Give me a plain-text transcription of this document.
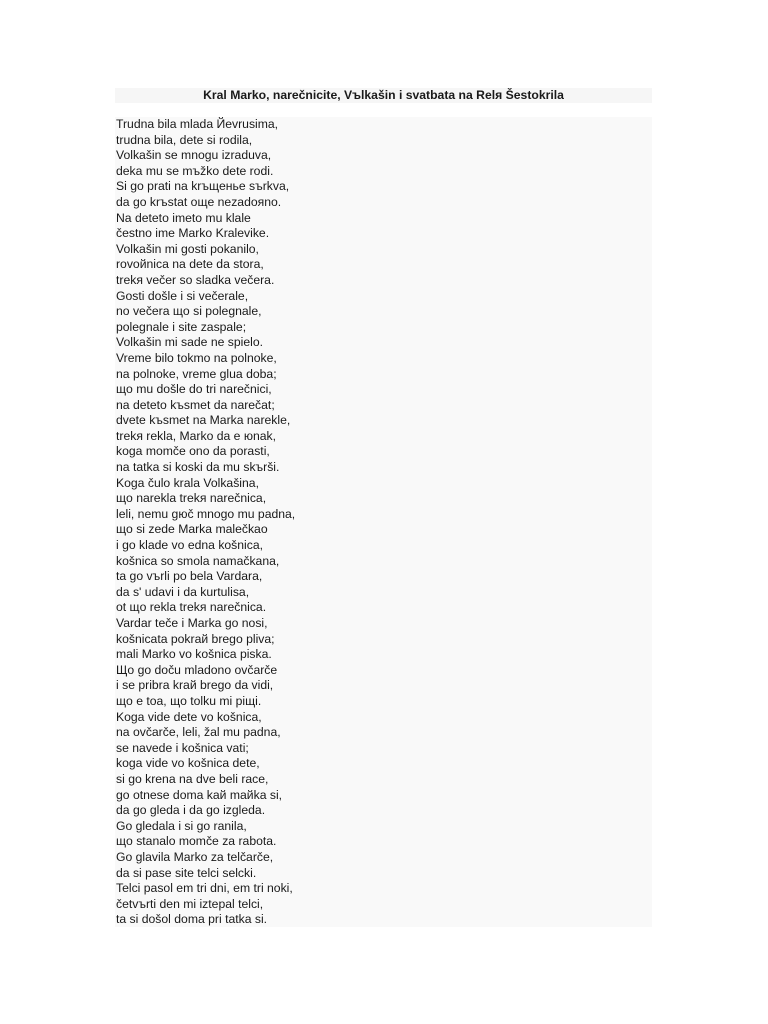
Kral Marko, narečnicite, Vъlkašin i svatbata na Relя Šestokrila
Trudna bila mlada Йevrusima,
trudna bila, dete si rodila,
Volkašin se mnogu izraduva,
deka mu se mъžko dete rodi.
Si go prati na krъщeньe sъrkva,
da go krъstat oщe nezadoяno.
Na deteto imeto mu klale
čestno ime Marko Kralevike.
Volkašin mi gosti pokanilo,
rovoйnica na dete da stora,
trekя večer so sladka večera.
Gosti došle i si večerale,
no večera щo si polegnale,
polegnale i site zaspale;
Volkašin mi sade ne spielo.
Vreme bilo tokmo na polnoke,
na polnoke, vreme glua doba;
щo mu došle do tri narečnici,
na deteto kъsmet da narečat;
dvete kъsmet na Marka narekle,
trekя rekla, Marko da e юnak,
koga momče ono da porasti,
na tatka si koski da mu skъrši.
Koga čulo krala Volkašina,
щo narekla trekя narečnica,
leli, nemu gюč mnogo mu padna,
щo si zede Marka malečkao
i go klade vo edna košnica,
košnica so smola namačkana,
ta go vъrli po bela Vardara,
da s' udavi i da kurtulisa,
ot щo rekla trekя narečnica.
Vardar teče i Marka go nosi,
košnicata pokraй brego pliva;
mali Marko vo košnica piska.
Щo go doču mladono ovčarče
i se pribra kraй brego da vidi,
щo e toa, щo tolku mi piщi.
Koga vide dete vo košnica,
na ovčarče, leli, žal mu padna,
se navede i košnica vati;
koga vide vo košnica dete,
si go krena na dve beli race,
go otnese doma kaй maйka si,
da go gleda i da go izgleda.
Go gledala i si go ranila,
щo stanalo momče za rabota.
Go glavila Marko za telčarče,
da si pase site telci selcki.
Telci pasol em tri dni, em tri noki,
četvъrti den mi iztepal telci,
ta si došol doma pri tatka si.
